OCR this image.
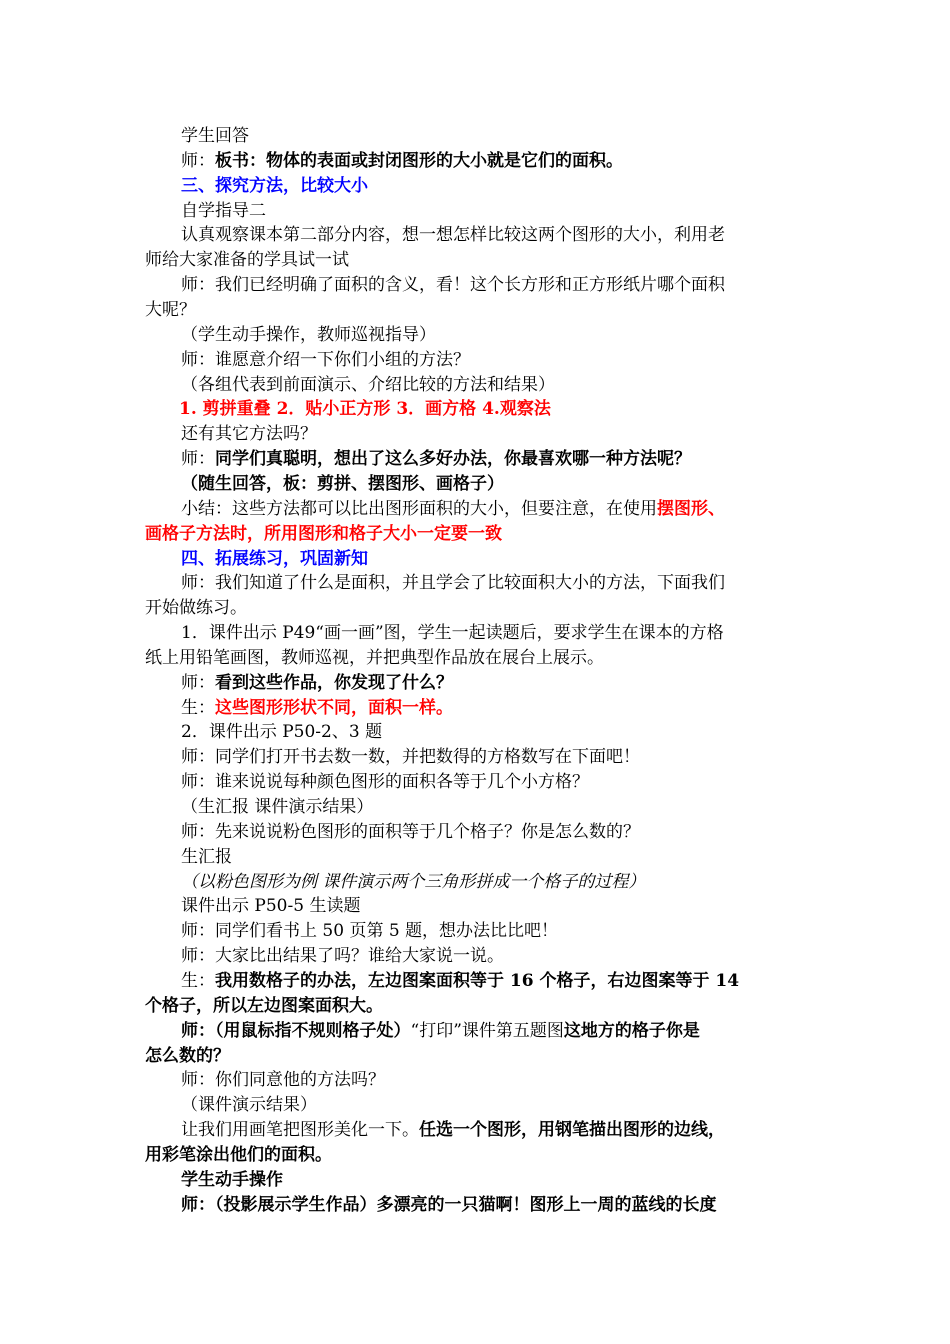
学生回答
师：板书：物体的表面或封闭图形的大小就是它们的面积。
三、探究方法，比较大小
自学指导二
认真观察课本第二部分内容，想一想怎样比较这两个图形的大小，利用老
师给大家准备的学具试一试
师：我们已经明确了面积的含义，看！这个长方形和正方形纸片哪个面积
大呢？
（学生动手操作，教师巡视指导）
师：谁愿意介绍一下你们小组的方法？
（各组代表到前面演示、介绍比较的方法和结果）
1. 剪拼重叠 2．贴小正方形 3．画方格 4.观察法
还有其它方法吗？
师：同学们真聪明，想出了这么多好办法，你最喜欢哪一种方法呢？
（随生回答，板：剪拼、摆图形、画格子）
小结：这些方法都可以比出图形面积的大小，但要注意，在使用摆图形、
画格子方法时，所用图形和格子大小一定要一致
四、拓展练习，巩固新知
师：我们知道了什么是面积，并且学会了比较面积大小的方法，下面我们
开始做练习。
1．课件出示 P49“画一画”图，学生一起读题后，要求学生在课本的方格
纸上用铅笔画图，教师巡视，并把典型作品放在展台上展示。
师：看到这些作品，你发现了什么？
生：这些图形形状不同，面积一样。
2．课件出示 P50-2、3 题
师：同学们打开书去数一数，并把数得的方格数写在下面吧！
师：谁来说说每种颜色图形的面积各等于几个小方格？
（生汇报 课件演示结果）
师：先来说说粉色图形的面积等于几个格子？你是怎么数的？
生汇报
（以粉色图形为例 课件演示两个三角形拼成一个格子的过程）
课件出示 P50-5 生读题
师：同学们看书上 50 页第 5 题，想办法比比吧！
师：大家比出结果了吗？谁给大家说一说。
生：我用数格子的办法，左边图案面积等于 16 个格子，右边图案等于 14
个格子，所以左边图案面积大。
师：（用鼠标指不规则格子处）“打印”课件第五题图这地方的格子你是
怎么数的？
师：你们同意他的方法吗？
（课件演示结果）
让我们用画笔把图形美化一下。任选一个图形，用钢笔描出图形的边线，
用彩笔涂出他们的面积。
学生动手操作
师：（投影展示学生作品）多漂亮的一只猫啊！图形上一周的蓝线的长度
